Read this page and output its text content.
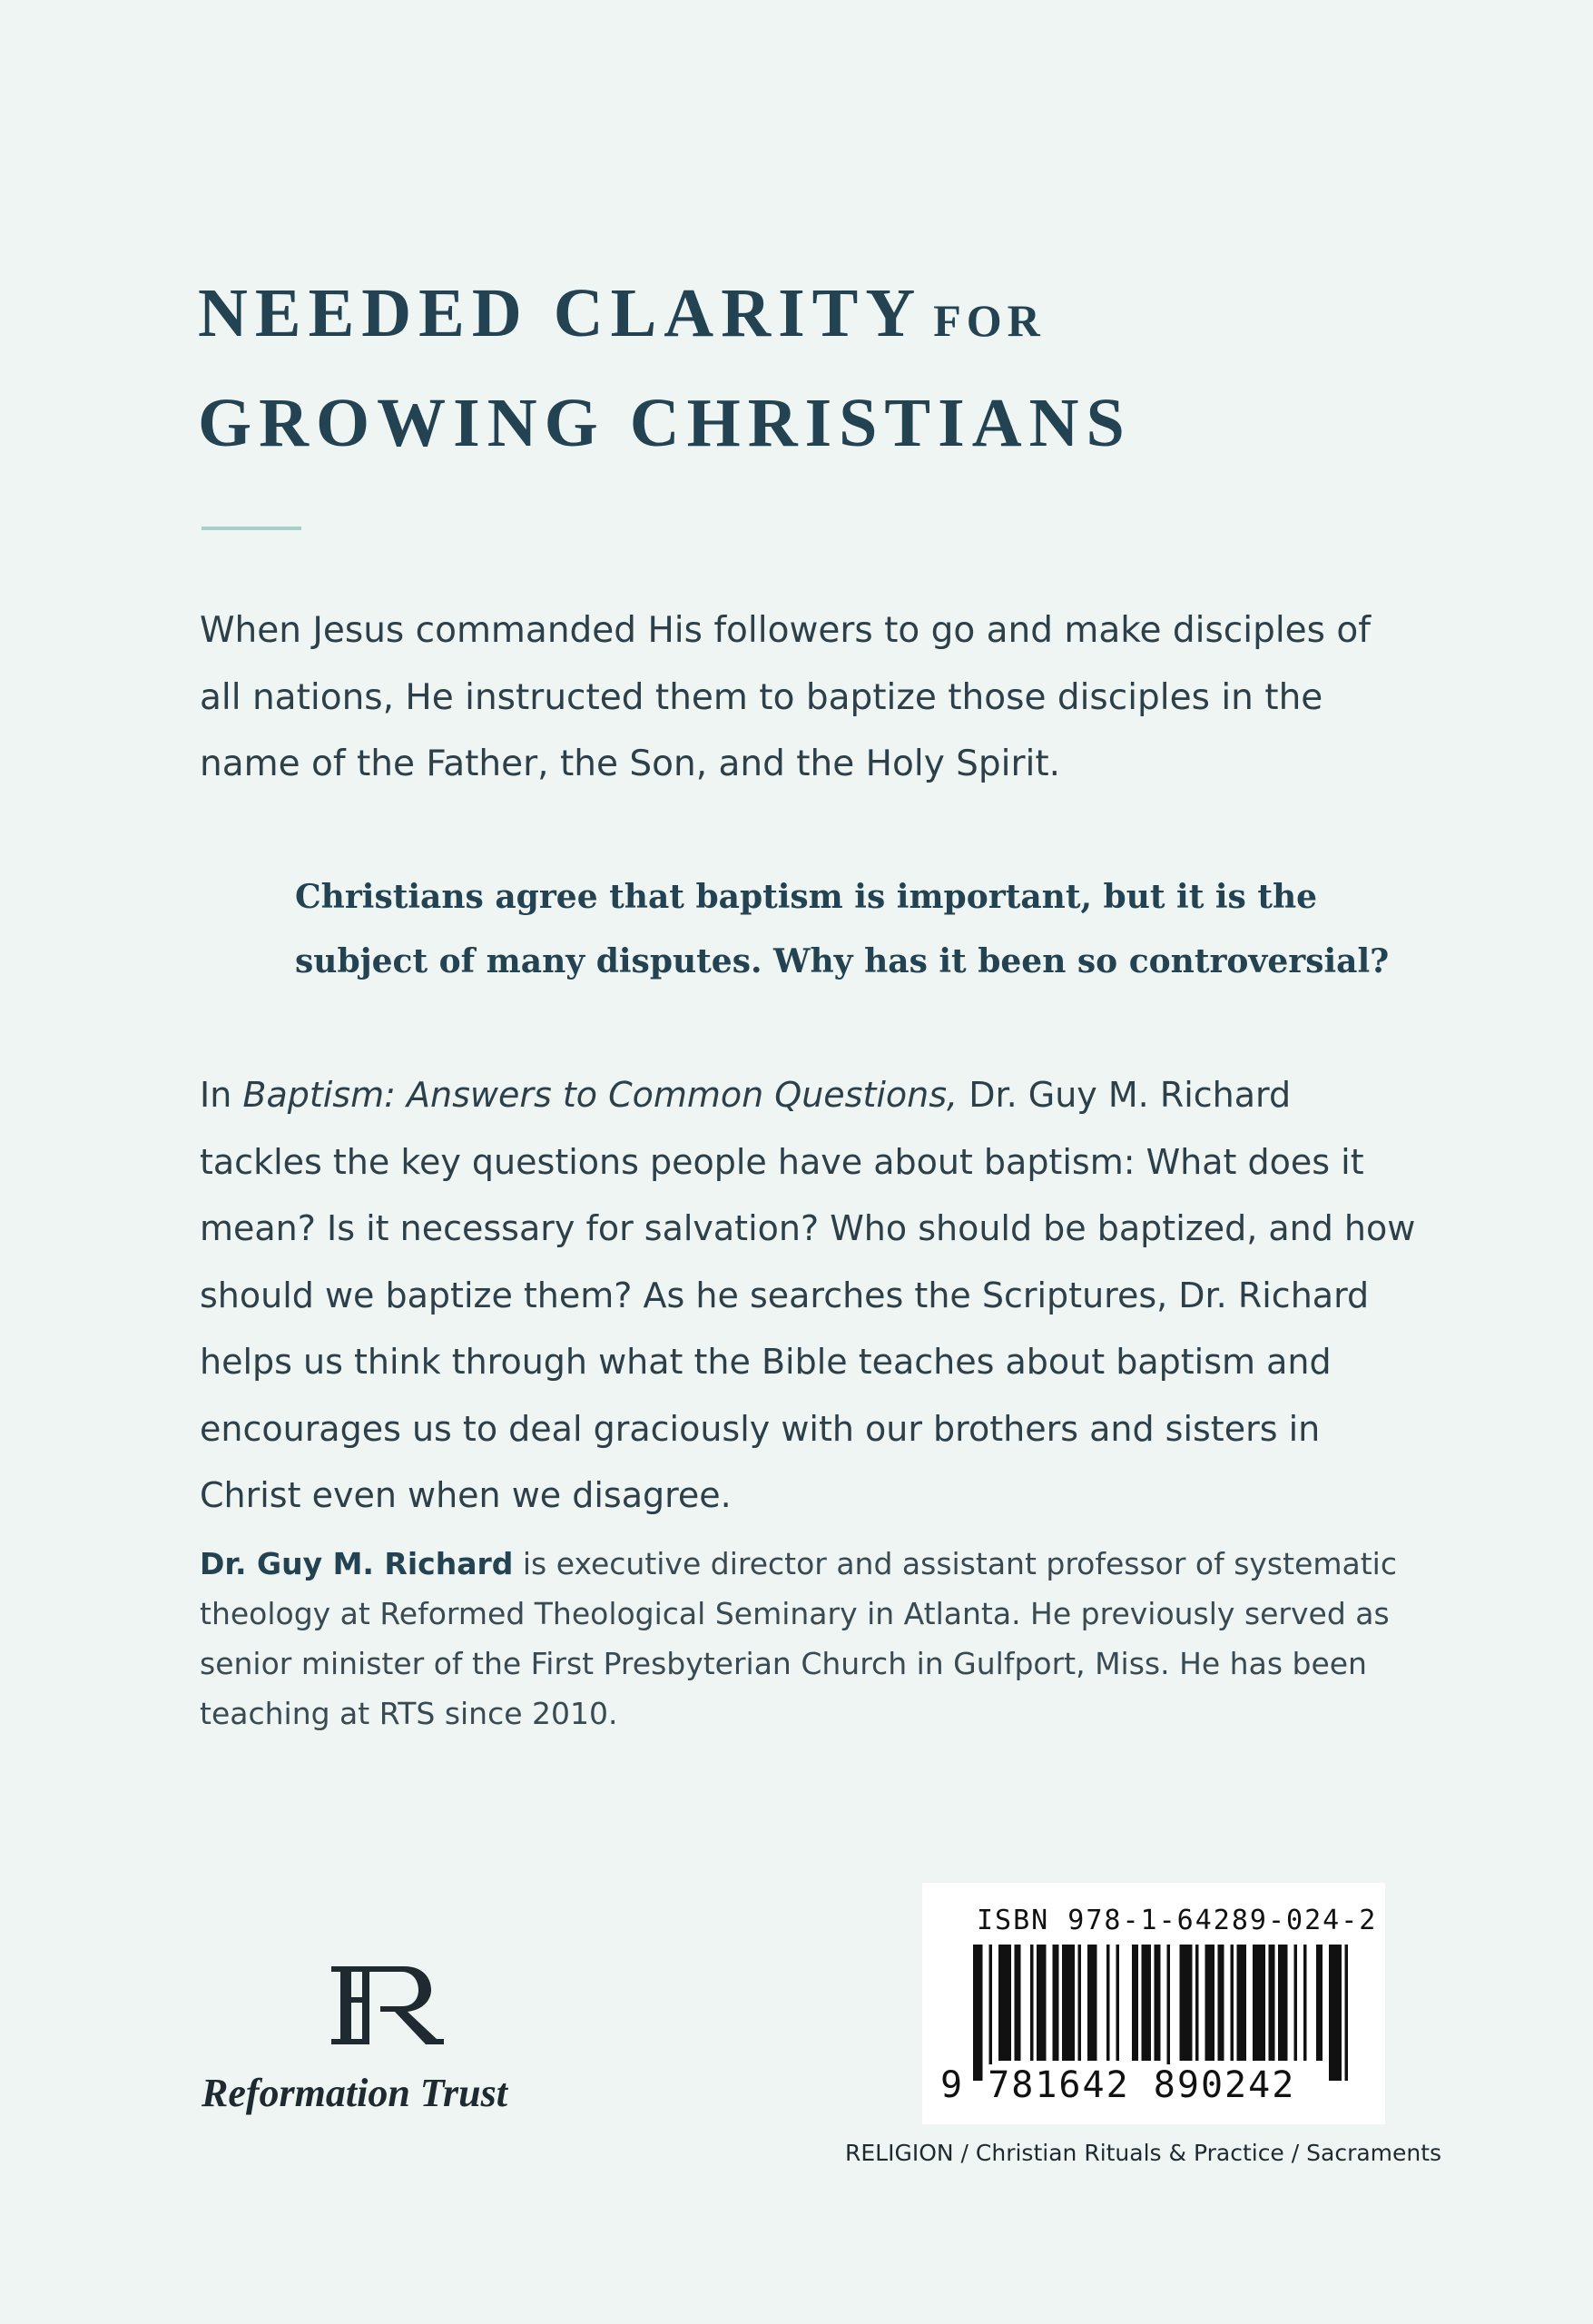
NEEDED CLARITY FOR
GROWING CHRISTIANS

When Jesus commanded His followers to go and make disciples of all nations, He instructed them to baptize those disciples in the name of the Father, the Son, and the Holy Spirit.

Christians agree that baptism is important, but it is the subject of many disputes. Why has it been so controversial?

In Baptism: Answers to Common Questions, Dr. Guy M. Richard tackles the key questions people have about baptism: What does it mean? Is it necessary for salvation? Who should be baptized, and how should we baptize them? As he searches the Scriptures, Dr. Richard helps us think through what the Bible teaches about baptism and encourages us to deal graciously with our brothers and sisters in Christ even when we disagree.

Dr. Guy M. Richard is executive director and assistant professor of systematic theology at Reformed Theological Seminary in Atlanta. He previously served as senior minister of the First Presbyterian Church in Gulfport, Miss. He has been teaching at RTS since 2010.

Reformation Trust
ISBN 978-1-64289-024-2
9 781642 890242
RELIGION / Christian Rituals & Practice / Sacraments
